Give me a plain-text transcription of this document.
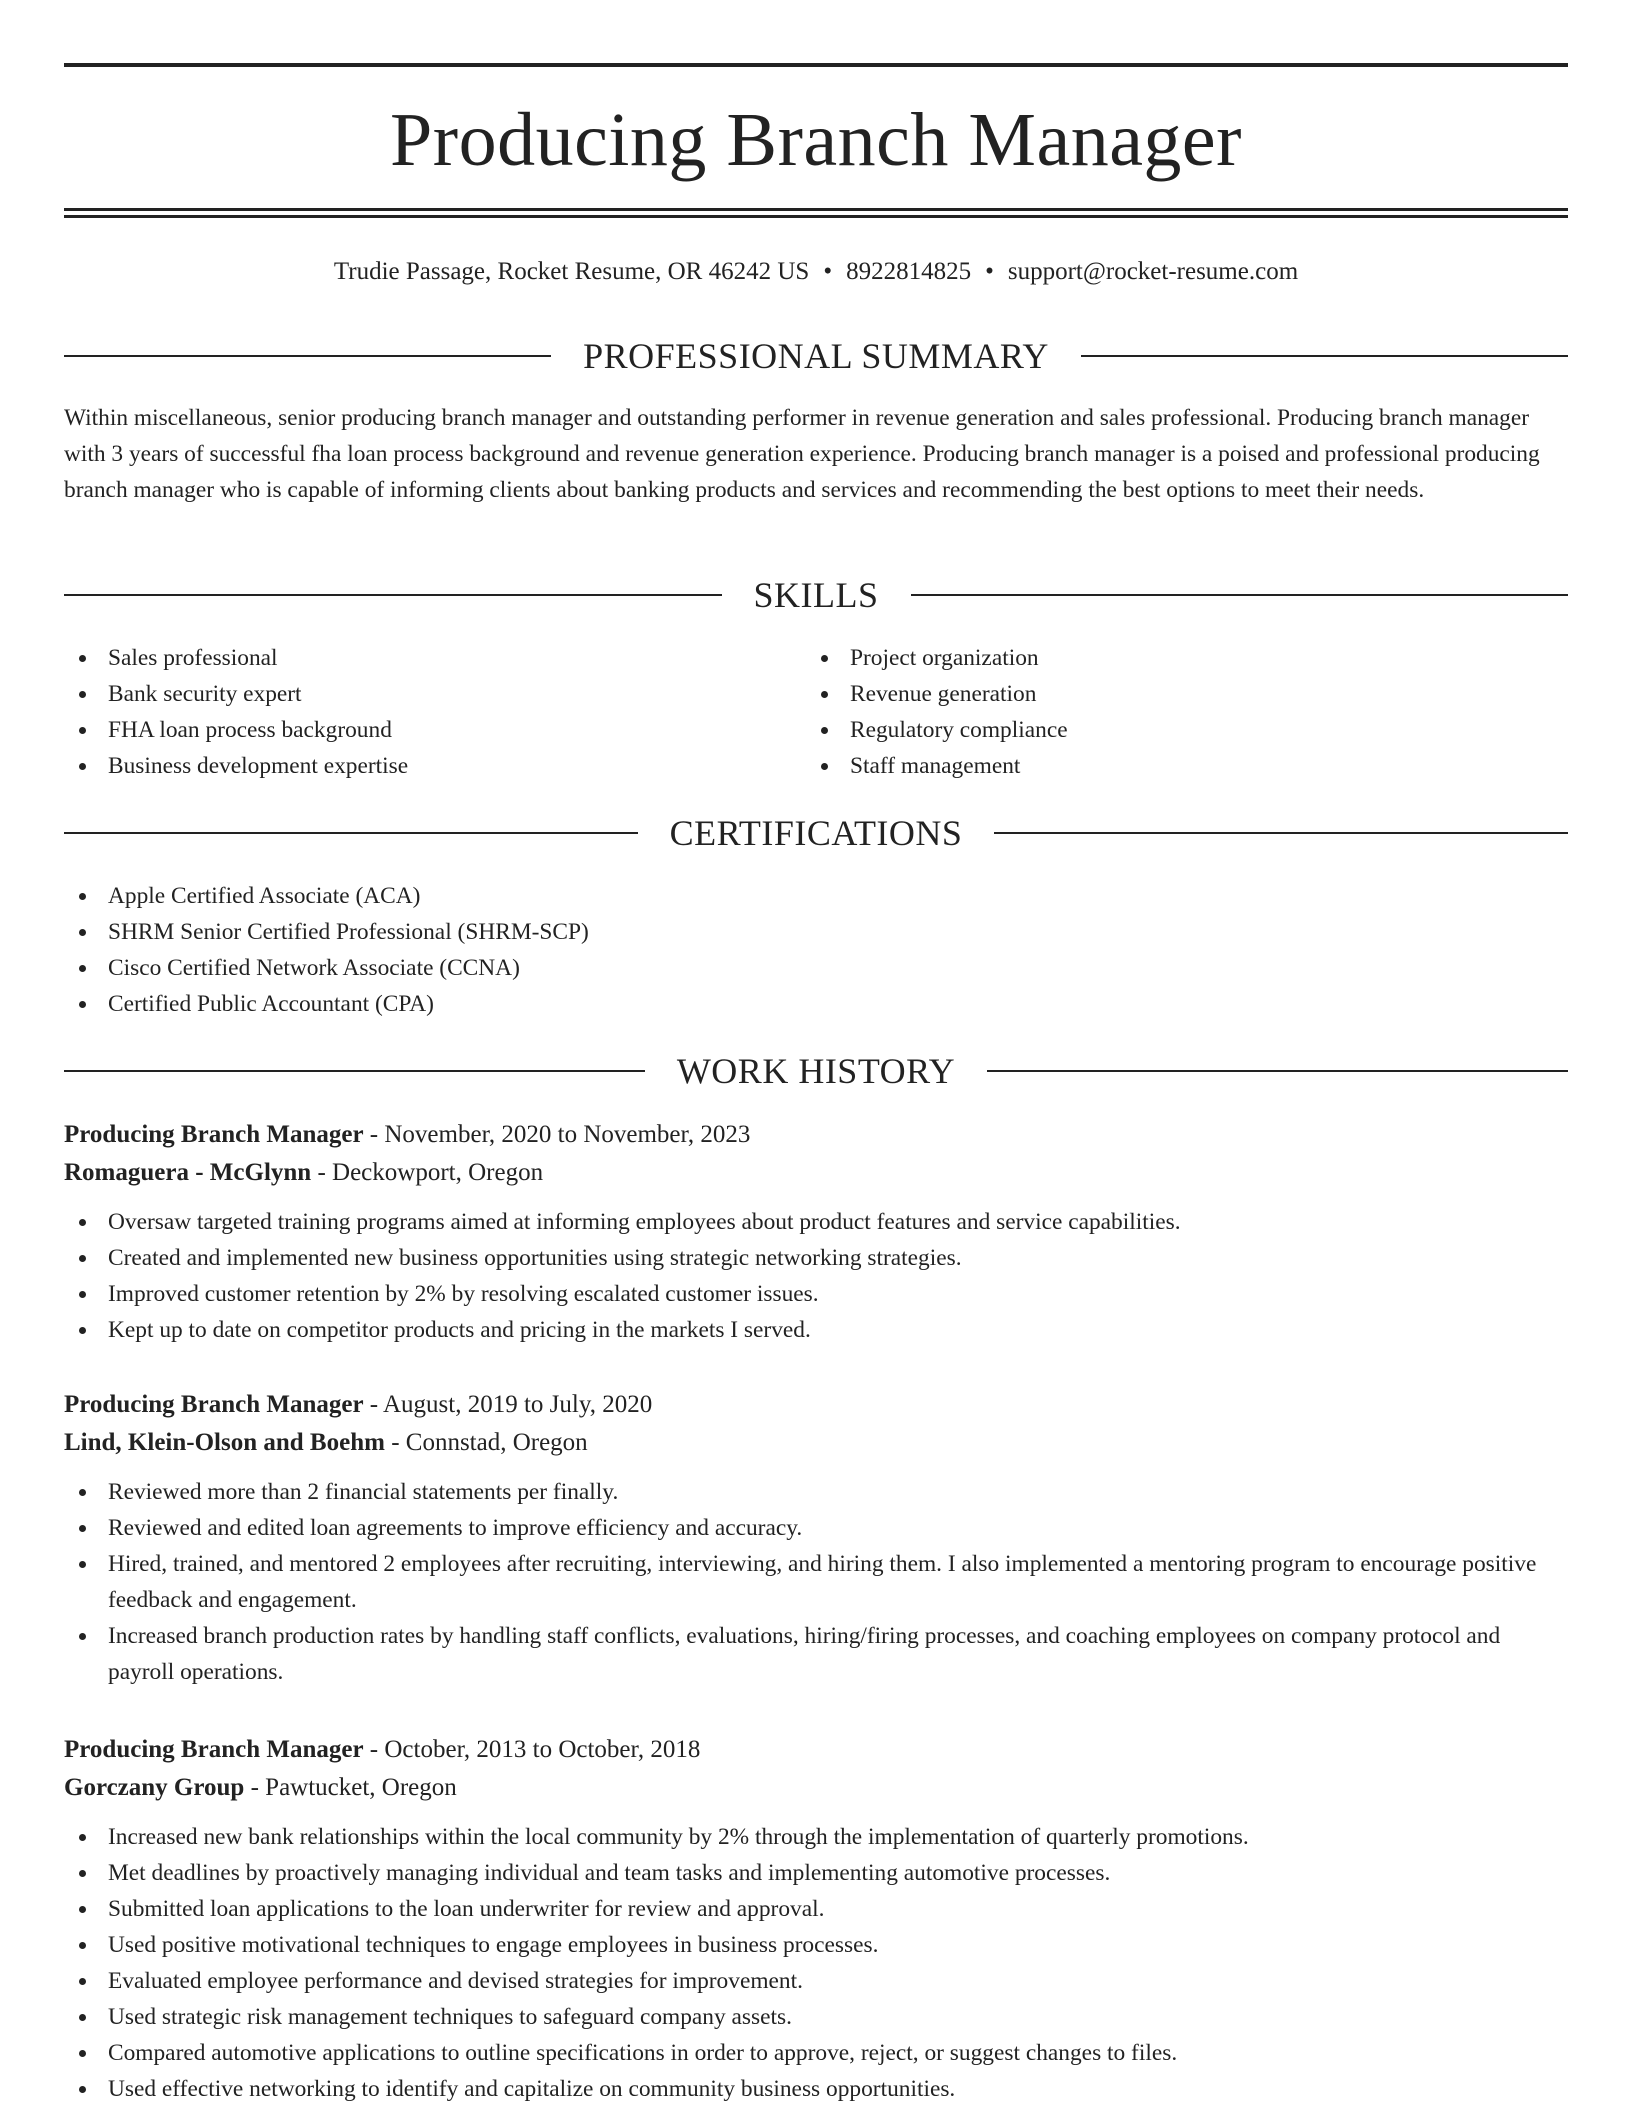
Producing Branch Manager
Trudie Passage, Rocket Resume, OR 46242 US • 8922814825 • support@rocket-resume.com
PROFESSIONAL SUMMARY

Within miscellaneous, senior producing branch manager and outstanding performer in revenue generation and sales professional. Producing branch manager with 3 years of successful fha loan process background and revenue generation experience. Producing branch manager is a poised and professional producing branch manager who is capable of informing clients about banking products and services and recommending the best options to meet their needs.

SKILLS
Sales professional
Bank security expert
FHA loan process background
Business development expertise
Project organization
Revenue generation
Regulatory compliance
Staff management
CERTIFICATIONS
Apple Certified Associate (ACA)
SHRM Senior Certified Professional (SHRM-SCP)
Cisco Certified Network Associate (CCNA)
Certified Public Accountant (CPA)
WORK HISTORY
Producing Branch Manager - November, 2020 to November, 2023
Romaguera - McGlynn - Deckowport, Oregon
Oversaw targeted training programs aimed at informing employees about product features and service capabilities.
Created and implemented new business opportunities using strategic networking strategies.
Improved customer retention by 2% by resolving escalated customer issues.
Kept up to date on competitor products and pricing in the markets I served.
Producing Branch Manager - August, 2019 to July, 2020
Lind, Klein-Olson and Boehm - Connstad, Oregon
Reviewed more than 2 financial statements per finally.
Reviewed and edited loan agreements to improve efficiency and accuracy.
Hired, trained, and mentored 2 employees after recruiting, interviewing, and hiring them. I also implemented a mentoring program to encourage positive feedback and engagement.
Increased branch production rates by handling staff conflicts, evaluations, hiring/firing processes, and coaching employees on company protocol and payroll operations.
Producing Branch Manager - October, 2013 to October, 2018
Gorczany Group - Pawtucket, Oregon
Increased new bank relationships within the local community by 2% through the implementation of quarterly promotions.
Met deadlines by proactively managing individual and team tasks and implementing automotive processes.
Submitted loan applications to the loan underwriter for review and approval.
Used positive motivational techniques to engage employees in business processes.
Evaluated employee performance and devised strategies for improvement.
Used strategic risk management techniques to safeguard company assets.
Compared automotive applications to outline specifications in order to approve, reject, or suggest changes to files.
Used effective networking to identify and capitalize on community business opportunities.
